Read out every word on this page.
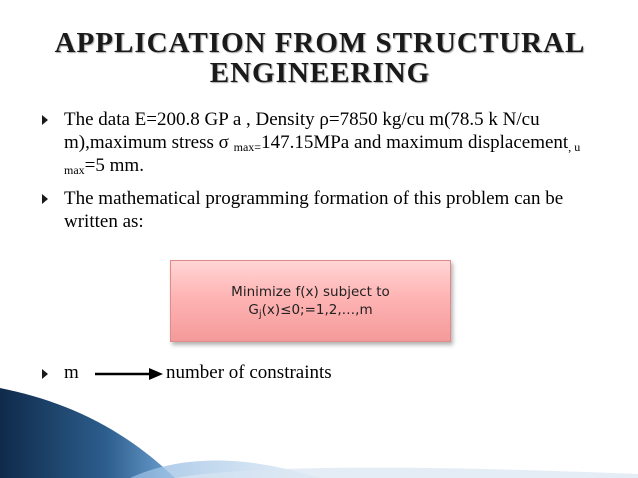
APPLICATION FROM STRUCTURAL
ENGINEERING
The data E=200.8 GP a , Density ρ=7850 kg/cu m(78.5 k N/cu m),maximum stress σ $_{max=}$147.15MPa and maximum displacement$_{, u}$ $_{max}$=5 mm.
The mathematical programming formation of this problem can be written as:
Minimize f(x) subject to
$G_j(x)\le 0;=1,2,\dots,m$
m	number of constraints
